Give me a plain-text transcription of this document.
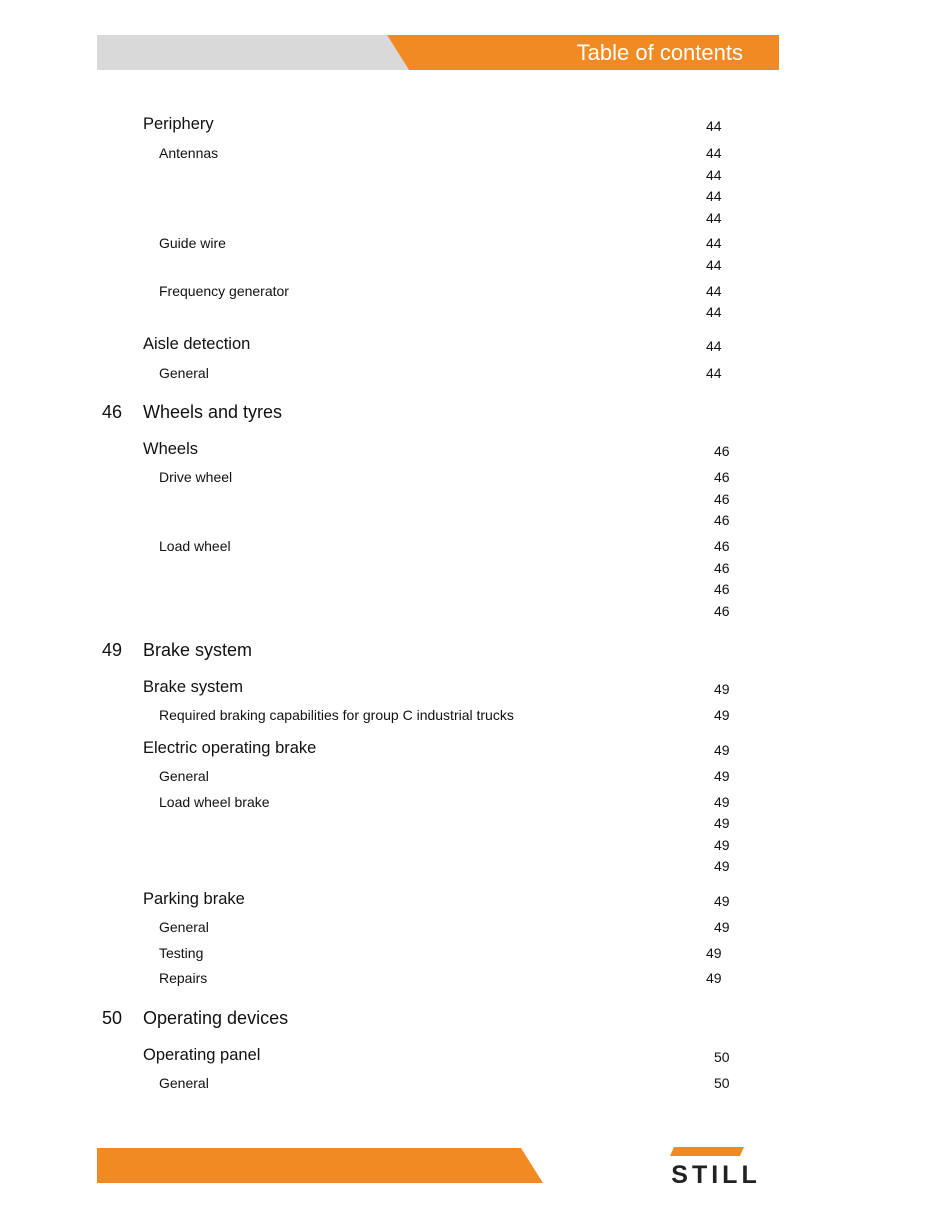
Table of contents
Periphery	44
Antennas	44
44
44
44
Guide wire	44
44
Frequency generator	44
44
Aisle detection	44
General	44
46 Wheels and tyres
Wheels	46
Drive wheel	46
46
46
Load wheel	46
46
46
46
49 Brake system
Brake system	49
Required braking capabilities for group C industrial trucks	49
Electric operating brake	49
General	49
Load wheel brake	49
49
49
49
Parking brake	49
General	49
Testing	49
Repairs	49
50 Operating devices
Operating panel	50
General	50
STILL
